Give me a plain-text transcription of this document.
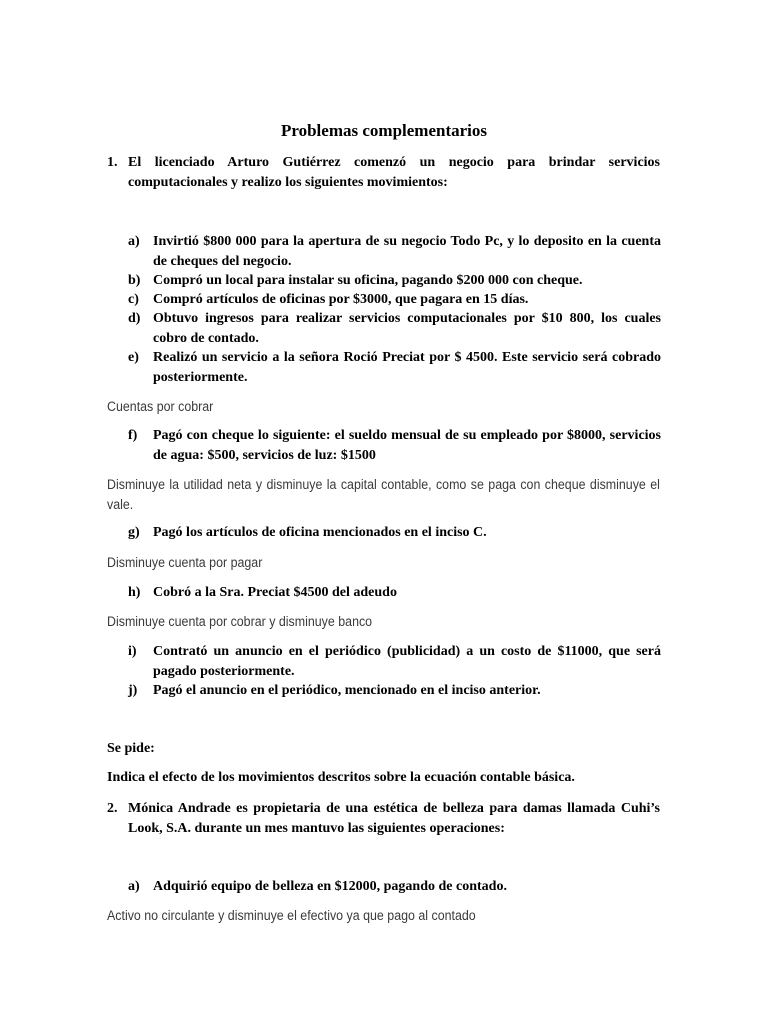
Problemas complementarios
1. El licenciado Arturo Gutiérrez comenzó un negocio para brindar servicios computacionales y realizo los siguientes movimientos:
a) Invirtió $800 000 para la apertura de su negocio Todo Pc, y lo deposito en la cuenta de cheques del negocio.
b) Compró un local para instalar su oficina, pagando $200 000 con cheque.
c)	Compró artículos de oficinas por $3000, que pagara en 15 días.
d) Obtuvo ingresos para realizar servicios computacionales por $10 800, los cuales cobro de contado.
e)	Realizó un servicio a la señora Roció Preciat por $ 4500. Este servicio será cobrado posteriormente.
Cuentas por cobrar
f)	Pagó con cheque lo siguiente: el sueldo mensual de su empleado por $8000, servicios de agua: $500, servicios de luz: $1500
Disminuye la utilidad neta y disminuye la capital contable, como se paga con cheque disminuye el vale.
g) Pagó los artículos de oficina mencionados en el inciso C.
Disminuye cuenta por pagar
h) Cobró a la Sra. Preciat $4500 del adeudo
Disminuye cuenta por cobrar y disminuye banco
i)	Contrató un anuncio en el periódico (publicidad) a un costo de $11000, que será pagado posteriormente.
j)	Pagó el anuncio en el periódico, mencionado en el inciso anterior.
Se pide:
Indica el efecto de los movimientos descritos sobre la ecuación contable básica.
2. Mónica Andrade es propietaria de una estética de belleza para damas llamada Cuhi’s Look, S.A. durante un mes mantuvo las siguientes operaciones:
a) Adquirió equipo de belleza en $12000, pagando de contado.
Activo no circulante y disminuye el efectivo ya que pago al contado
